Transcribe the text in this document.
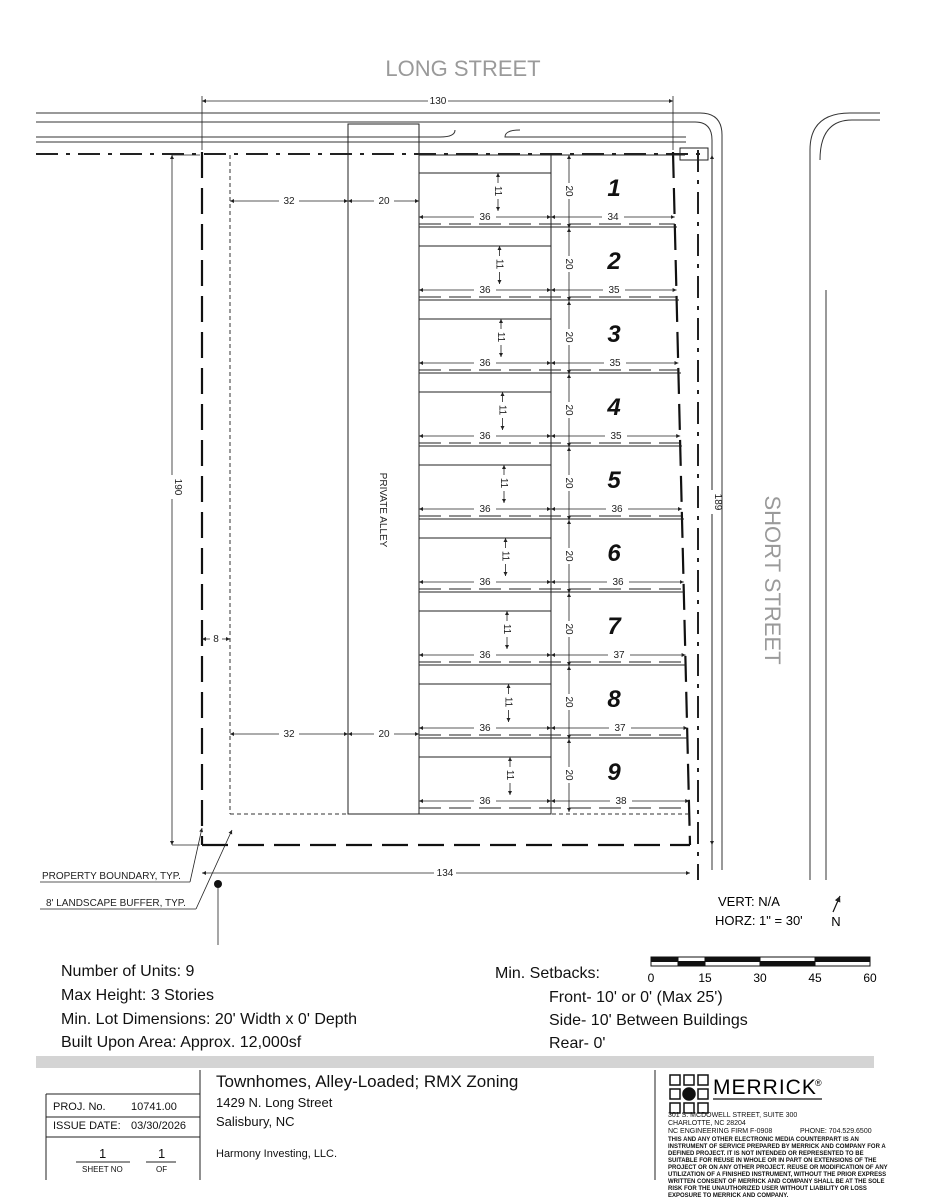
LONG STREET
PRIVATE ALLEY
130
134
190
189
8
32	20
32	20
36	34
11	20 1
36	35
11	20 2
36	35
11	20 3
36	35
11	20 4
36	36
11	20 5
36	36
11	20 6
36	37
11	20 7
36	37
11	20 8
36	38
11	20 9
PROPERTY BOUNDARY, TYP.
8' LANDSCAPE BUFFER, TYP.
SHORT STREET
VERT: N/A
HORZ: 1" = 30' N
0	15	30	45	60
MERRICK
®
Number of Units: 9
Max Height: 3 Stories
Min. Lot Dimensions: 20' Width x 0' Depth
Built Upon Area: Approx. 12,000sf
Min. Setbacks:
Front- 10' or 0' (Max 25')
Side- 10' Between Buildings
Rear- 0'
PROJ. No. 10741.00
ISSUE DATE: 03/30/2026
1
SHEET NO
1
OF
Townhomes, Alley-Loaded; RMX Zoning
1429 N. Long Street
Salisbury, NC
Harmony Investing, LLC.
301 S. MCDOWELL STREET, SUITE 300
CHARLOTTE, NC 28204
NC ENGINEERING FIRM F-0908	PHONE: 704.529.6500
THIS AND ANY OTHER ELECTRONIC MEDIA COUNTERPART IS AN INSTRUMENT OF SERVICE PREPARED BY MERRICK AND COMPANY FOR A DEFINED PROJECT. IT IS NOT INTENDED OR REPRESENTED TO BE SUITABLE FOR REUSE IN WHOLE OR IN PART ON EXTENSIONS OF THE PROJECT OR ON ANY OTHER PROJECT. REUSE OR MODIFICATION OF ANY UTILIZATION OF A FINISHED INSTRUMENT, WITHOUT THE PRIOR EXPRESS WRITTEN CONSENT OF MERRICK AND COMPANY SHALL BE AT THE SOLE RISK FOR THE UNAUTHORIZED USER WITHOUT LIABILITY OR LOSS EXPOSURE TO MERRICK AND COMPANY.
